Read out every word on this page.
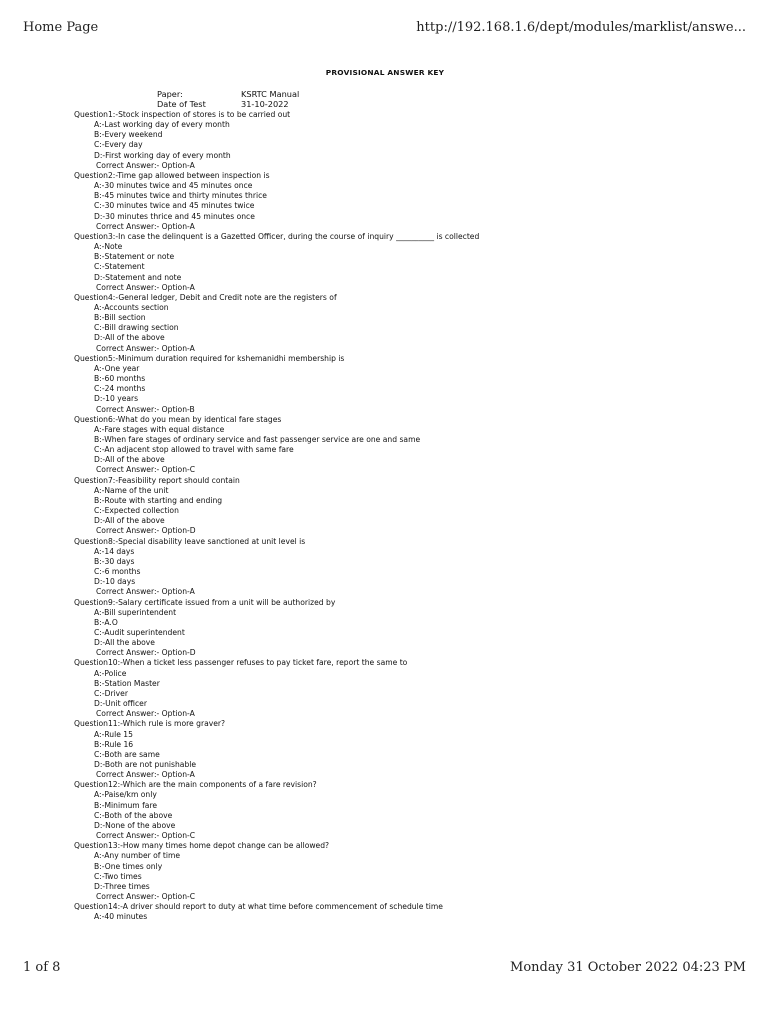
Home Page	http://192.168.1.6/dept/modules/marklist/answe...
PROVISIONAL ANSWER KEY
Paper:	KSRTC Manual
Date of Test	31-10-2022
Question1:-Stock inspection of stores is to be carried out
A:-Last working day of every month
B:-Every weekend
C:-Every day
D:-First working day of every month
Correct Answer:- Option-A
Question2:-Time gap allowed between inspection is
A:-30 minutes twice and 45 minutes once
B:-45 minutes twice and thirty minutes thrice
C:-30 minutes twice and 45 minutes twice
D:-30 minutes thrice and 45 minutes once
Correct Answer:- Option-A
Question3:-In case the delinquent is a Gazetted Officer, during the course of inquiry __________ is collected
A:-Note
B:-Statement or note
C:-Statement
D:-Statement and note
Correct Answer:- Option-A
Question4:-General ledger, Debit and Credit note are the registers of
A:-Accounts section
B:-Bill section
C:-Bill drawing section
D:-All of the above
Correct Answer:- Option-A
Question5:-Minimum duration required for kshemanidhi membership is
A:-One year
B:-60 months
C:-24 months
D:-10 years
Correct Answer:- Option-B
Question6:-What do you mean by identical fare stages
A:-Fare stages with equal distance
B:-When fare stages of ordinary service and fast passenger service are one and same
C:-An adjacent stop allowed to travel with same fare
D:-All of the above
Correct Answer:- Option-C
Question7:-Feasibility report should contain
A:-Name of the unit
B:-Route with starting and ending
C:-Expected collection
D:-All of the above
Correct Answer:- Option-D
Question8:-Special disability leave sanctioned at unit level is
A:-14 days
B:-30 days
C:-6 months
D:-10 days
Correct Answer:- Option-A
Question9:-Salary certificate issued from a unit will be authorized by
A:-Bill superintendent
B:-A.O
C:-Audit superintendent
D:-All the above
Correct Answer:- Option-D
Question10:-When a ticket less passenger refuses to pay ticket fare, report the same to
A:-Police
B:-Station Master
C:-Driver
D:-Unit officer
Correct Answer:- Option-A
Question11:-Which rule is more graver?
A:-Rule 15
B:-Rule 16
C:-Both are same
D:-Both are not punishable
Correct Answer:- Option-A
Question12:-Which are the main components of a fare revision?
A:-Paise/km only
B:-Minimum fare
C:-Both of the above
D:-None of the above
Correct Answer:- Option-C
Question13:-How many times home depot change can be allowed?
A:-Any number of time
B:-One times only
C:-Two times
D:-Three times
Correct Answer:- Option-C
Question14:-A driver should report to duty at what time before commencement of schedule time
A:-40 minutes
1 of 8	Monday 31 October 2022 04:23 PM
